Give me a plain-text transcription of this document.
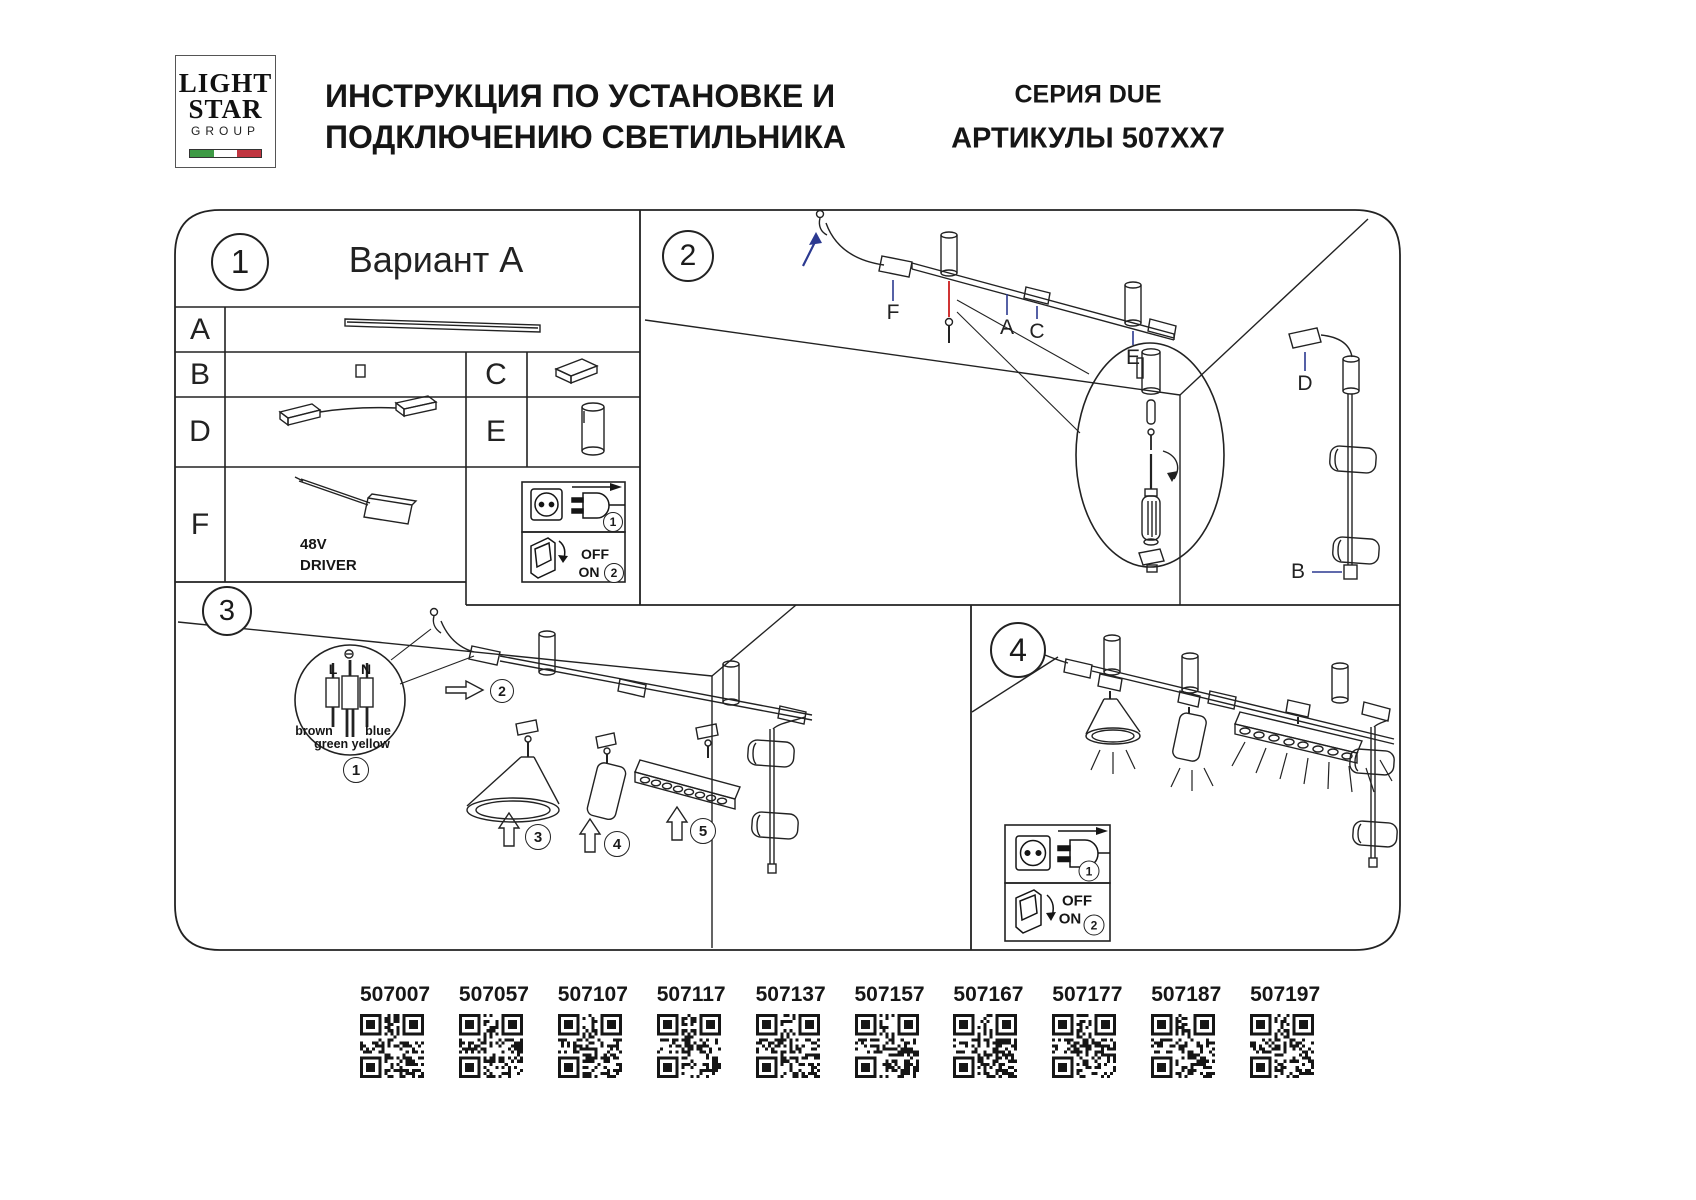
LIGHT
STAR
GROUP
ИНСТРУКЦИЯ ПО УСТАНОВКЕ И
ПОДКЛЮЧЕНИЮ СВЕТИЛЬНИКА
СЕРИЯ DUE
АРТИКУЛЫ 507XX7
1	2
3
4
Вариант А
A
B	C
D	E
F
48V
DRIVER
1
OFF
ON 2
F
A C
E
D
B
L N
brown	blue
green yellow
1
2
3	4
5
1
OFF
ON 2
507007 507057 507107 507117 507137 507157 507167 507177 507187 507197
